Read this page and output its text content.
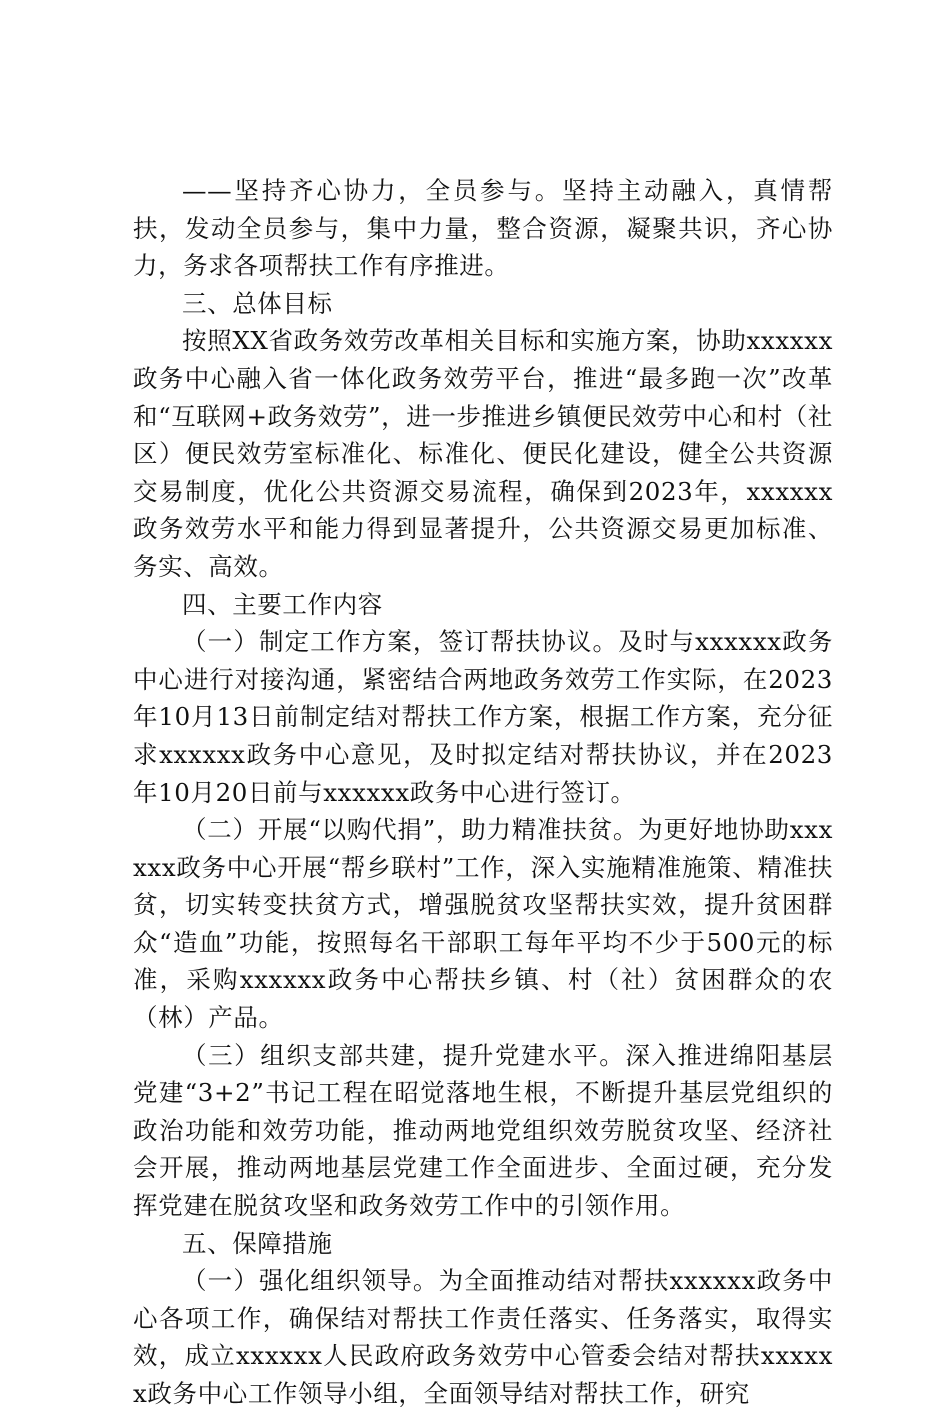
——坚持齐心协力，全员参与。坚持主动融入，真情帮扶，发动全员参与，集中力量，整合资源，凝聚共识，齐心协力，务求各项帮扶工作有序推进。

三、总体目标

按照XX省政务效劳改革相关目标和实施方案，协助xxxxxx政务中心融入省一体化政务效劳平台，推进“最多跑一次”改革和“互联网+政务效劳”，进一步推进乡镇便民效劳中心和村（社区）便民效劳室标准化、标准化、便民化建设，健全公共资源交易制度，优化公共资源交易流程，确保到2023年，xxxxxx政务效劳水平和能力得到显著提升，公共资源交易更加标准、务实、高效。

四、主要工作内容

（一）制定工作方案，签订帮扶协议。及时与xxxxxx政务中心进行对接沟通，紧密结合两地政务效劳工作实际，在2023年10月13日前制定结对帮扶工作方案，根据工作方案，充分征求xxxxxx政务中心意见，及时拟定结对帮扶协议，并在2023年10月20日前与xxxxxx政务中心进行签订。

（二）开展“以购代捐”，助力精准扶贫。为更好地协助xxxxxx政务中心开展“帮乡联村”工作，深入实施精准施策、精准扶贫，切实转变扶贫方式，增强脱贫攻坚帮扶实效，提升贫困群众“造血”功能，按照每名干部职工每年平均不少于500元的标准，采购xxxxxx政务中心帮扶乡镇、村（社）贫困群众的农（林）产品。

（三）组织支部共建，提升党建水平。深入推进绵阳基层党建“3+2”书记工程在昭觉落地生根，不断提升基层党组织的政治功能和效劳功能，推动两地党组织效劳脱贫攻坚、经济社会开展，推动两地基层党建工作全面进步、全面过硬，充分发挥党建在脱贫攻坚和政务效劳工作中的引领作用。

五、保障措施

（一）强化组织领导。为全面推动结对帮扶xxxxxx政务中心各项工作，确保结对帮扶工作责任落实、任务落实，取得实效，成立xxxxxx人民政府政务效劳中心管委会结对帮扶xxxxxx政务中心工作领导小组，全面领导结对帮扶工作，研究
